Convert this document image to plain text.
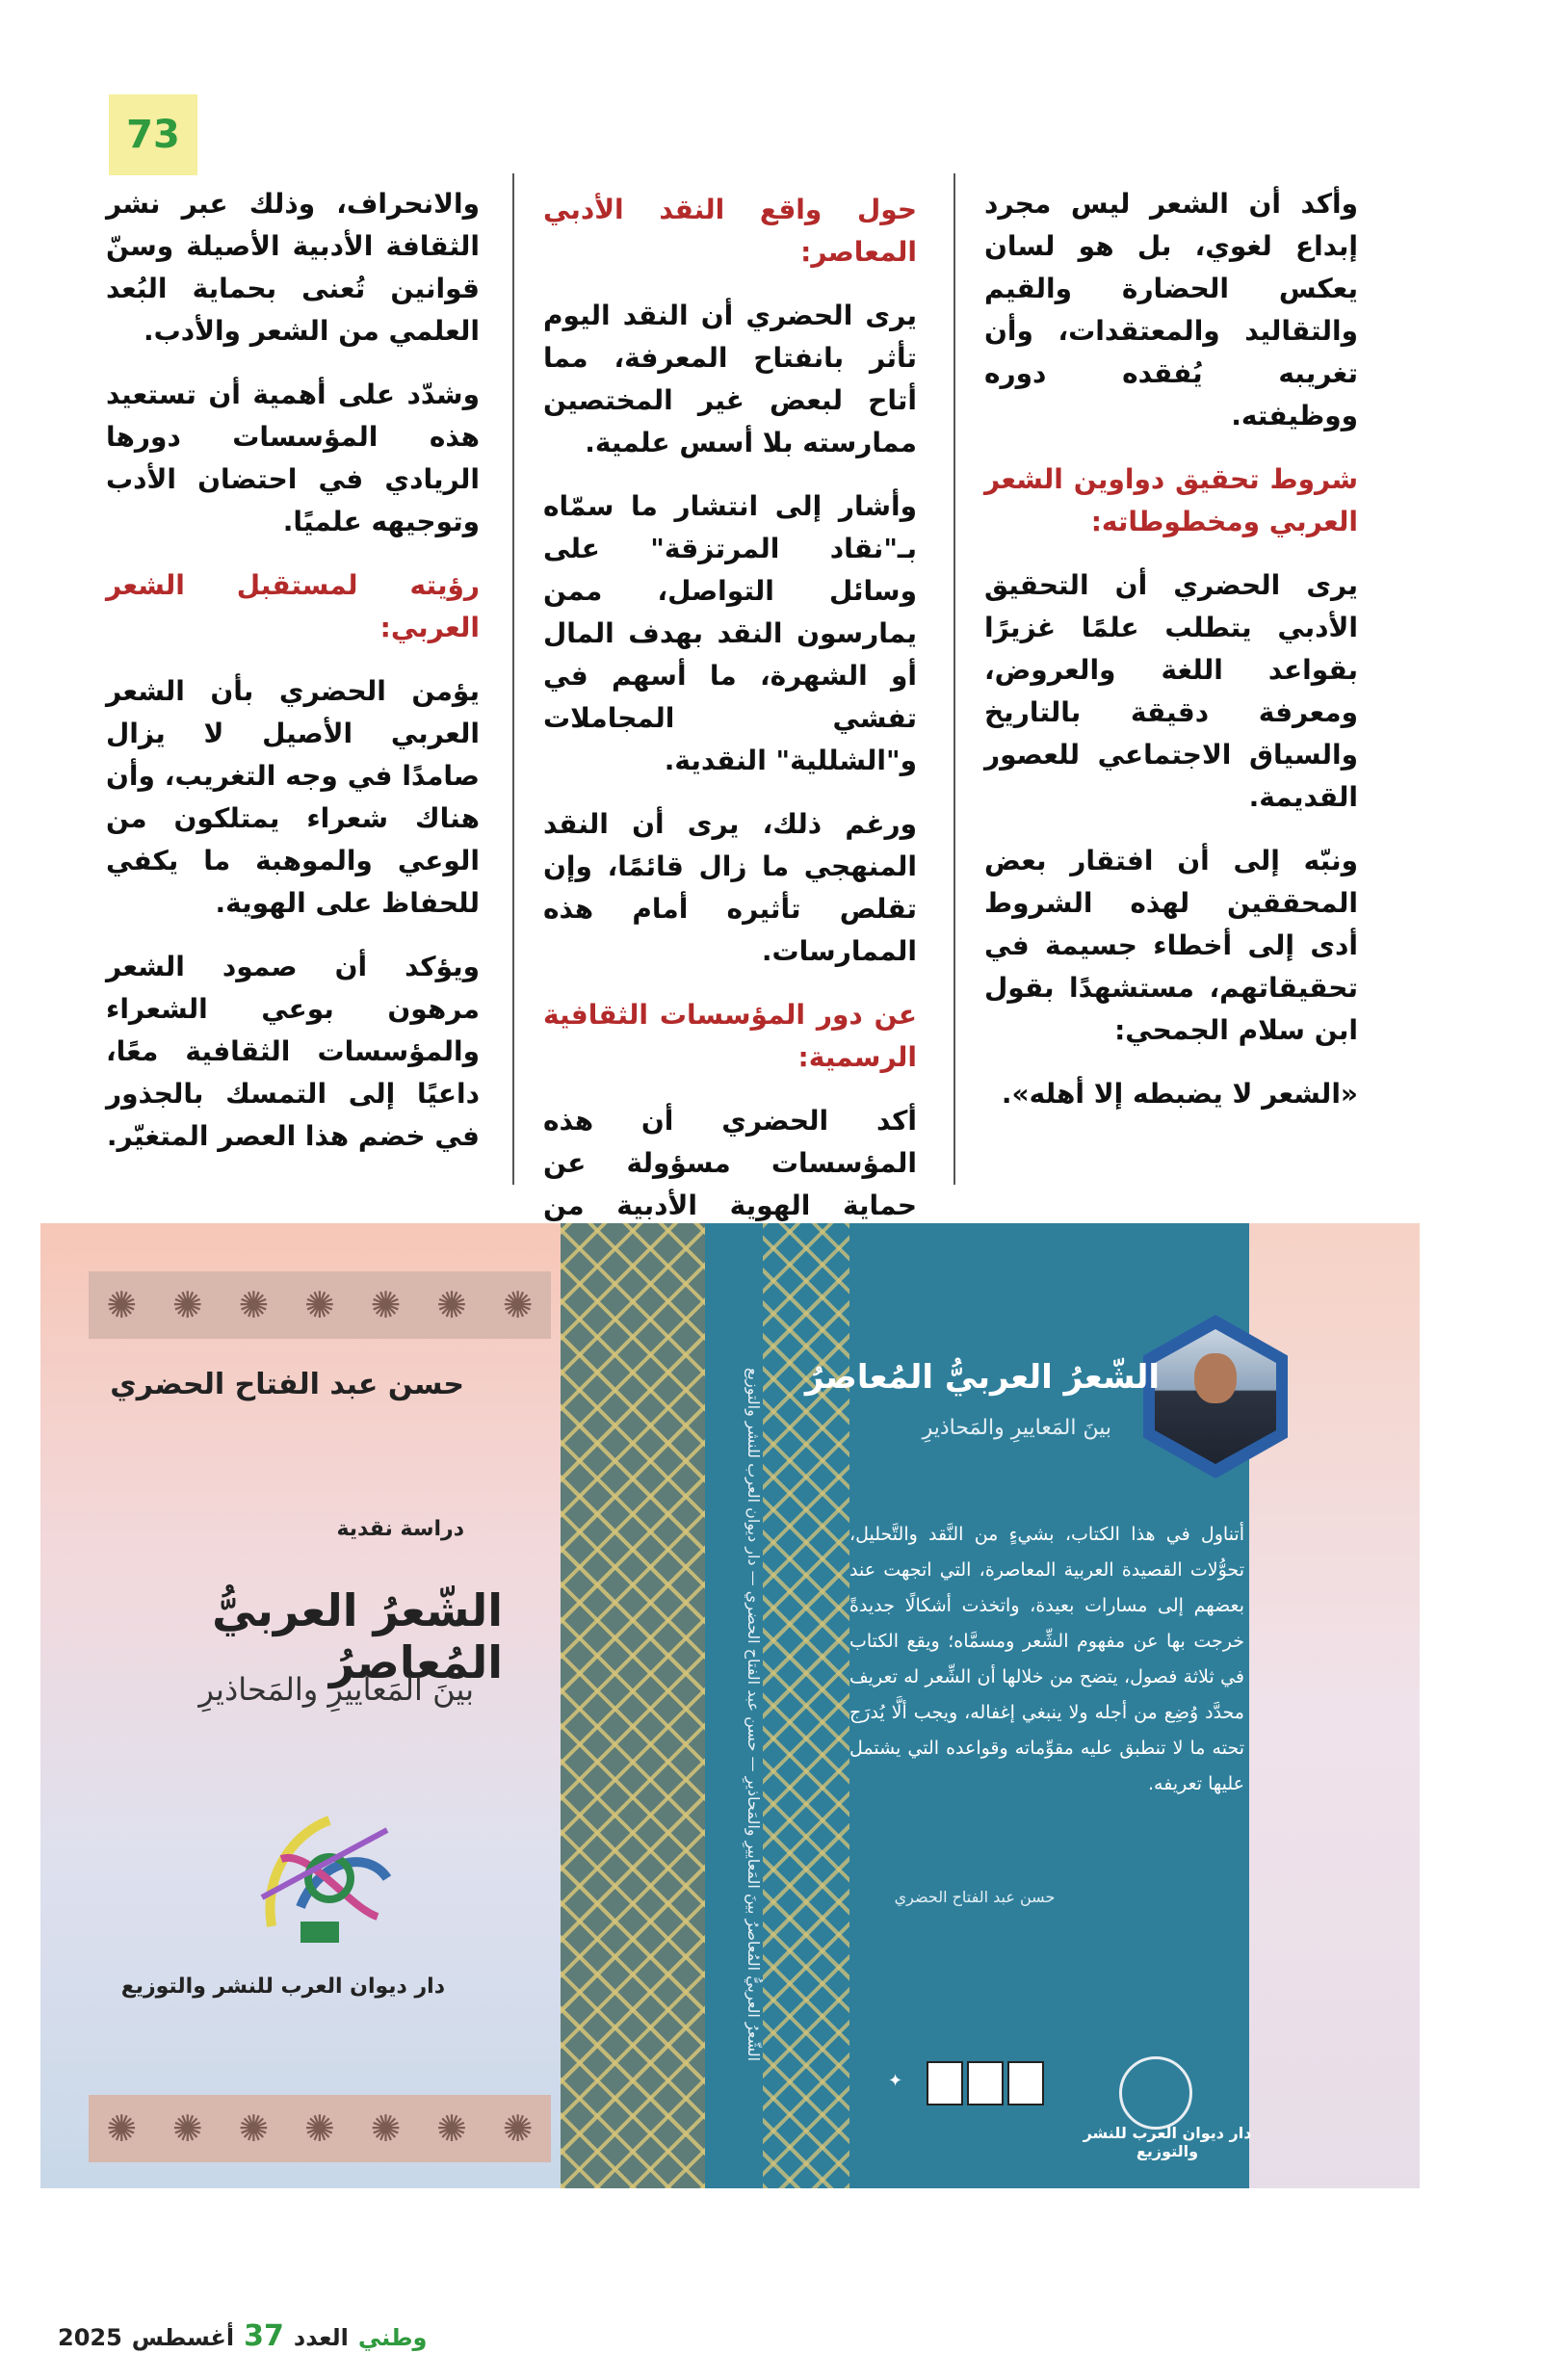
73

وأكد أن الشعر ليس مجرد إبداع لغوي، بل هو لسان يعكس الحضارة والقيم والتقاليد والمعتقدات، وأن تغريبه يُفقده دوره ووظيفته.

شروط تحقيق دواوين الشعر العربي ومخطوطاته:

يرى الحضري أن التحقيق الأدبي يتطلب علمًا غزيرًا بقواعد اللغة والعروض، ومعرفة دقيقة بالتاريخ والسياق الاجتماعي للعصور القديمة.

ونبّه إلى أن افتقار بعض المحققين لهذه الشروط أدى إلى أخطاء جسيمة في تحقيقاتهم، مستشهدًا بقول ابن سلام الجمحي:

«الشعر لا يضبطه إلا أهله».

حول واقع النقد الأدبي المعاصر:

يرى الحضري أن النقد اليوم تأثر بانفتاح المعرفة، مما أتاح لبعض غير المختصين ممارسته بلا أسس علمية.

وأشار إلى انتشار ما سمّاه بـ"نقاد المرتزقة" على وسائل التواصل، ممن يمارسون النقد بهدف المال أو الشهرة، ما أسهم في تفشي المجاملات و"الشللية" النقدية.

ورغم ذلك، يرى أن النقد المنهجي ما زال قائمًا، وإن تقلص تأثيره أمام هذه الممارسات.

عن دور المؤسسات الثقافية الرسمية:

أكد الحضري أن هذه المؤسسات مسؤولة عن حماية الهوية الأدبية من

والانحراف، وذلك عبر نشر الثقافة الأدبية الأصيلة وسنّ قوانين تُعنى بحماية البُعد العلمي من الشعر والأدب.

وشدّد على أهمية أن تستعيد هذه المؤسسات دورها الريادي في احتضان الأدب وتوجيهه علميًا.

رؤيته لمستقبل الشعر العربي:

يؤمن الحضري بأن الشعر العربي الأصيل لا يزال صامدًا في وجه التغريب، وأن هناك شعراء يمتلكون من الوعي والموهبة ما يكفي للحفاظ على الهوية.

ويؤكد أن صمود الشعر مرهون بوعي الشعراء والمؤسسات الثقافية معًا، داعيًا إلى التمسك بالجذور في خضم هذا العصر المتغيّر.

✺ ✺ ✺ ✺ ✺ ✺ ✺
حسن عبد الفتاح الحضري
دراسة نقدية
الشّعرُ العربيُّ المُعاصرُ
بينَ المَعاييرِ والمَحاذيرِ
دار ديوان العرب للنشر والتوزيع
✺ ✺ ✺ ✺ ✺ ✺ ✺
الشّعرُ العربيُّ المُعاصرُ بينَ المَعاييرِ والمَحاذيرِ — حسن عبد الفتاح الحضري — دار ديوان العرب للنشر والتوزيع الشّعرُ العربيُّ المُعاصرُ
بينَ المَعاييرِ والمَحاذيرِ
أتناول في هذا الكتاب، بشيءٍ من النَّقد والتَّحليل، تحوُّلات القصيدة العربية المعاصرة، التي اتجهت عند بعضهم إلى مسارات بعيدة، واتخذت أشكالًا جديدةً خرجت بها عن مفهوم الشِّعر ومسمَّاه؛ ويقع الكتاب في ثلاثة فصول، يتضح من خلالها أن الشِّعر له تعريف محدَّد وُضِع من أجله ولا ينبغي إغفاله، ويجب ألَّا يُدرَج تحته ما لا تنطبق عليه مقوِّماته وقواعده التي يشتمل عليها تعريفه.
حسن عبد الفتاح الحضري
✦
دار ديوان العرب للنشر والتوزيع
2025 أغسطس 37 العدد وطني
